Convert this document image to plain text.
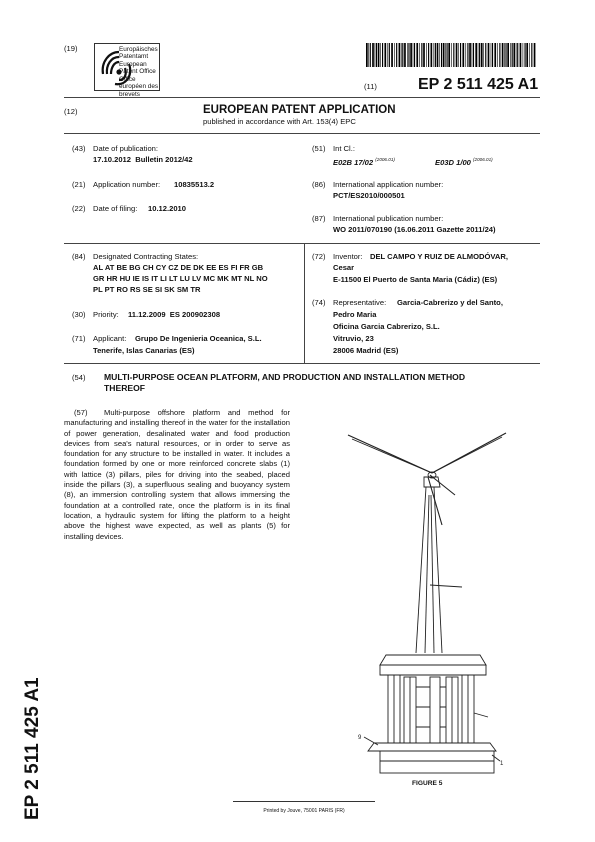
(19)	Europäisches Patentamt
European Patent Office
Office européen des brevets
(11)	EP 2 511 425 A1
(12)	EUROPEAN PATENT APPLICATION
published in accordance with Art. 153(4) EPC
(43) Date of publication:
17.10.2012  Bulletin 2012/42
(21) Application number: 10835513.2
(22) Date of filing: 10.12.2010
(51) Int Cl.:
E02B 17/02 $^{(2006.01)}$	E03D 1/00 $^{(2006.01)}$
(86) International application number:
PCT/ES2010/000501
(87) International publication number:
WO 2011/070190 (16.06.2011 Gazette 2011/24)
(84) Designated Contracting States:
AL AT BE BG CH CY CZ DE DK EE ES FI FR GB
GR HR HU IE IS IT LI LT LU LV MC MK MT NL NO
PL PT RO RS SE SI SK SM TR
(30) Priority: 11.12.2009  ES 200902308
(71) Applicant: Grupo De Ingenieria Oceanica, S.L.
Tenerife, Islas Canarias (ES)
(72) Inventor: DEL CAMPO Y RUIZ DE ALMODÓVAR,
Cesar
E-11500 El Puerto de Santa Maria (Cádiz) (ES)
(74) Representative: Garcia-Cabrerizo y del Santo,
Pedro Maria
Oficina Garcia Cabrerizo, S.L.
Vitruvio, 23
28006 Madrid (ES)
(54) MULTI-PURPOSE OCEAN PLATFORM, AND PRODUCTION AND INSTALLATION METHOD
THEREOF
(57)	Multi-purpose offshore platform and method for manufacturing and installing thereof in the water for the installation of power generation, desalinated water and food production devices from sea's natural resources, or in order to serve as foundation for any structure to be installed in water. It includes a foundation formed by one or more reinforced concrete slabs (1) with lattice (3) pillars, piles for driving into the seabed, placed inside the pillars (3), a superfluous sealing and buoyancy system (8), an immersion controlling system that allows immersing the foundation at a controlled rate, once the platform is in its final location, a hydraulic system for lifting the platform to a height above the highest wave expected, as well as plants (5) for installing devices.
9
1
FIGURE 5
EP 2 511 425 A1	Printed by Jouve, 75001 PARIS (FR)
